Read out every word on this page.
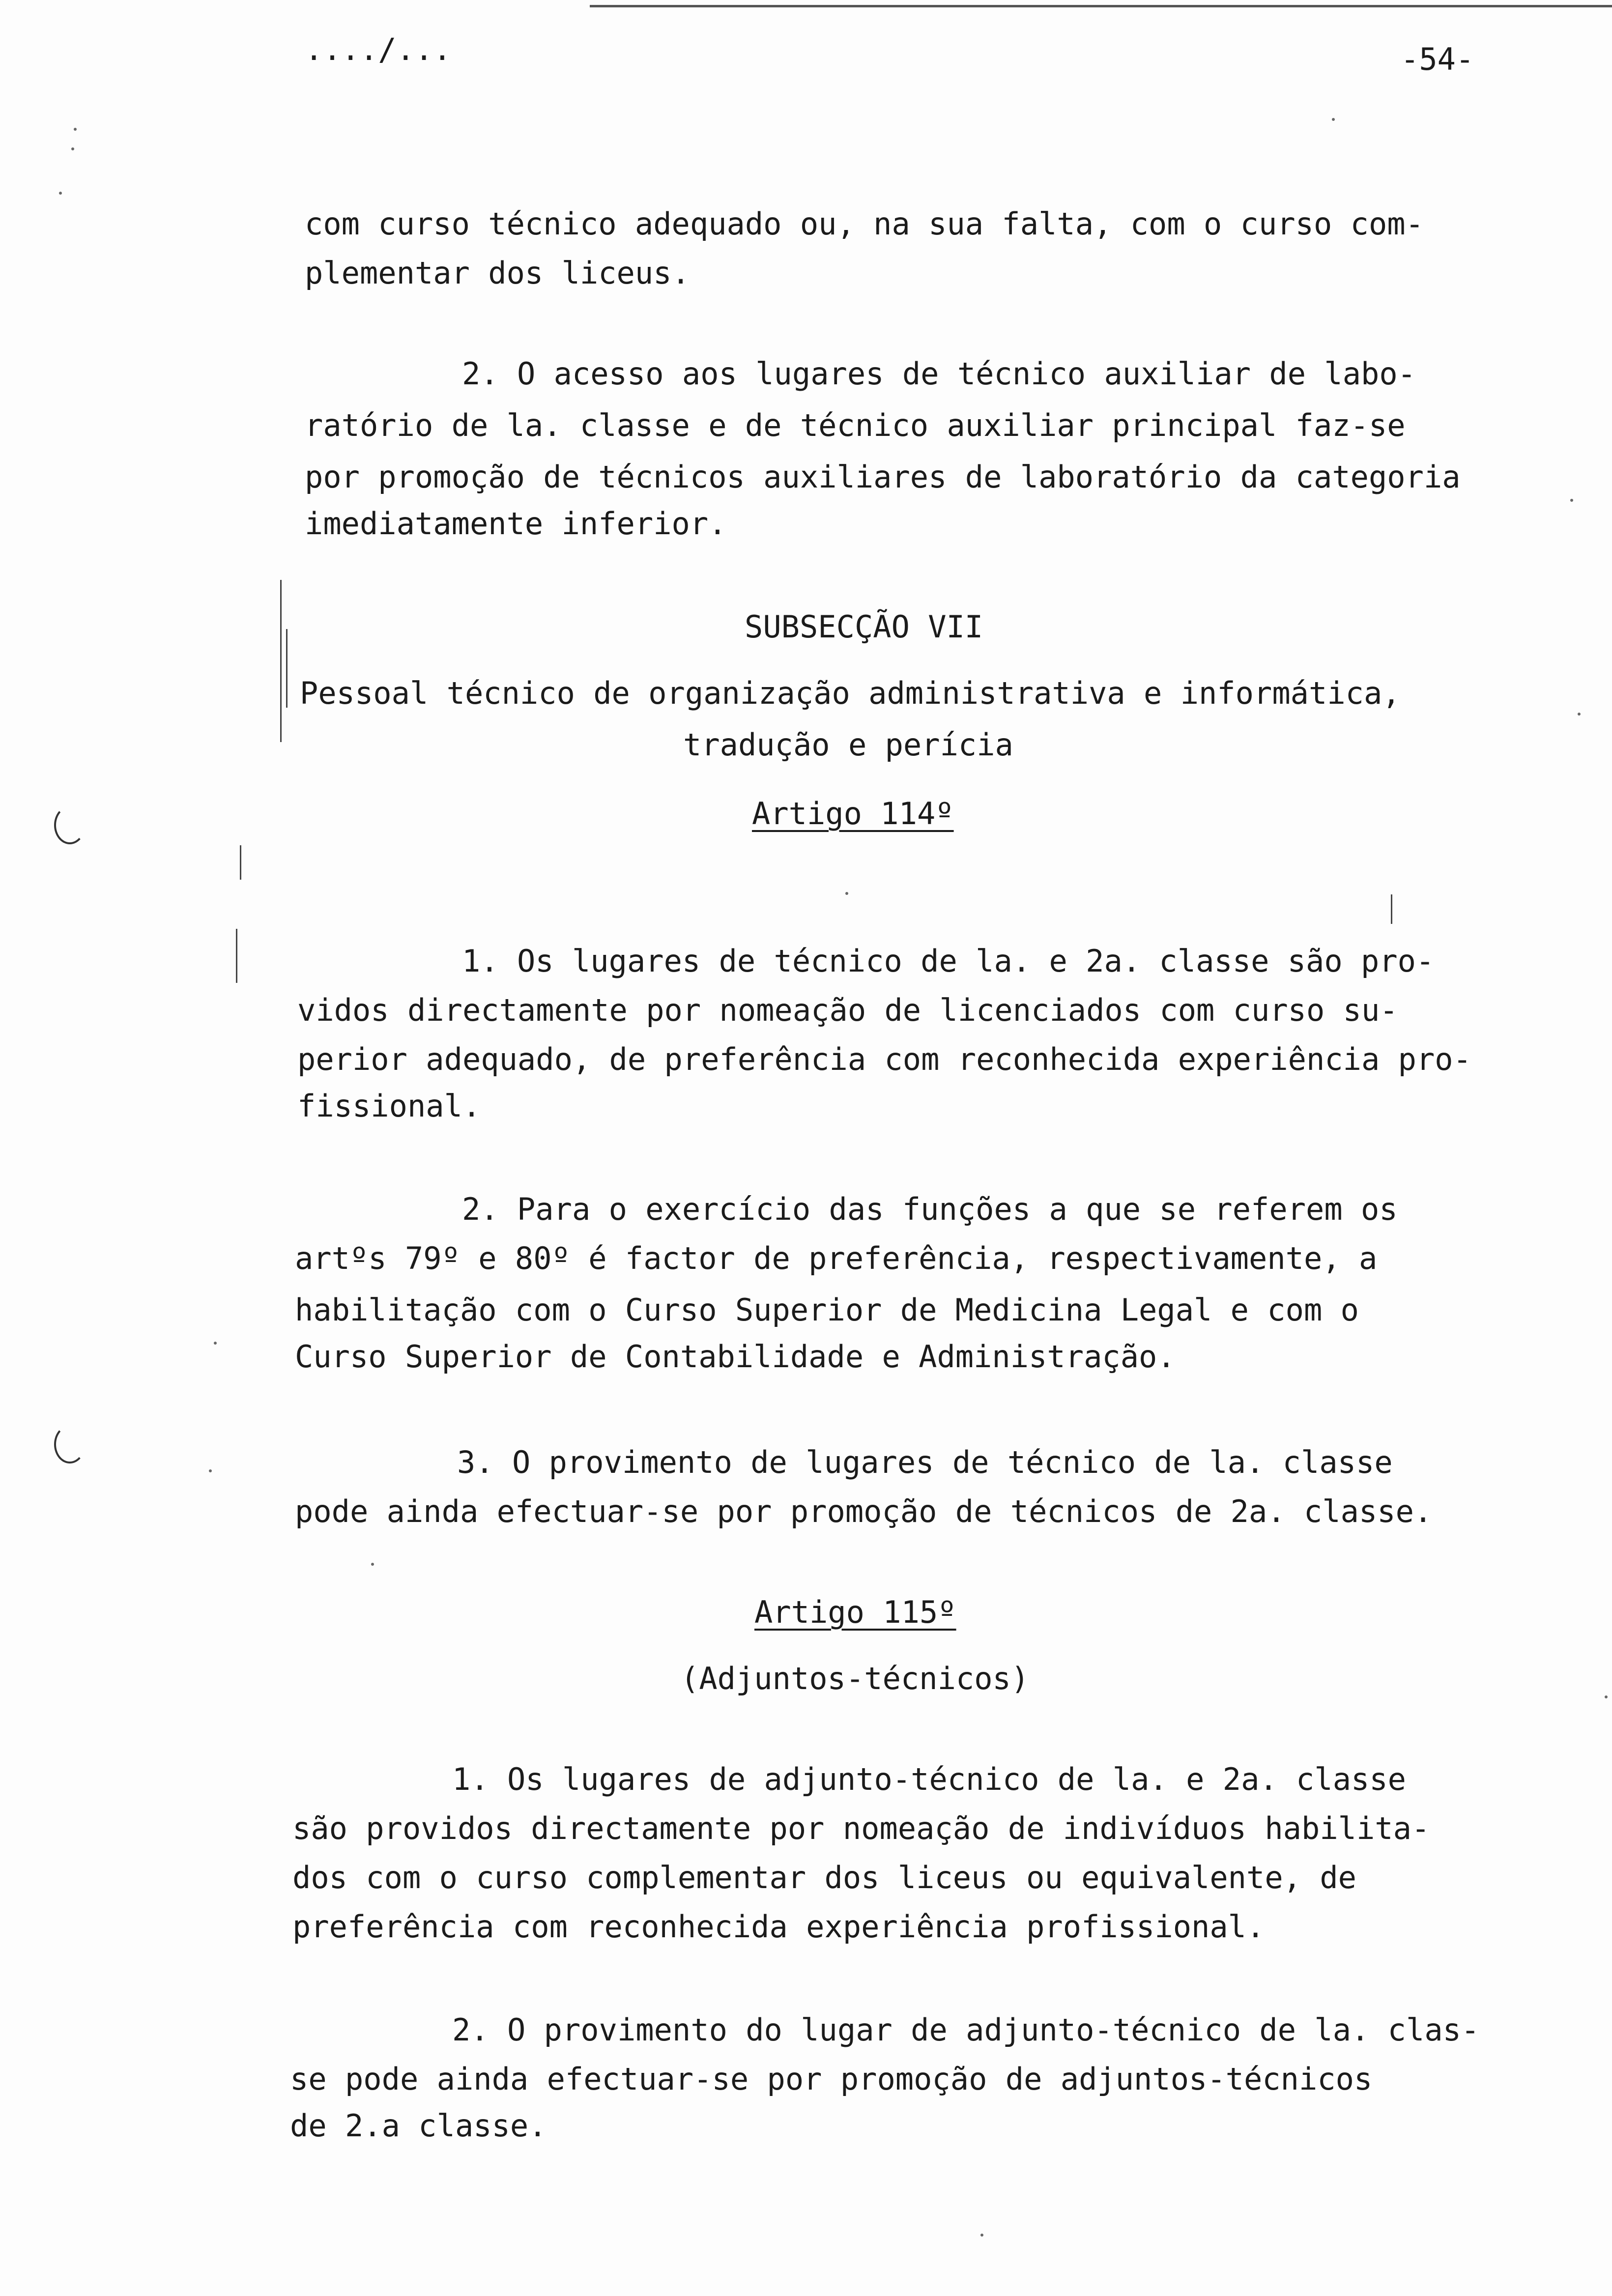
..../...	-54-
com curso técnico adequado ou, na sua falta, com o curso com-
plementar dos liceus.
2. O acesso aos lugares de técnico auxiliar de labo-
ratório de la. classe e de técnico auxiliar principal faz-se
por promoção de técnicos auxiliares de laboratório da categoria
imediatamente inferior.
SUBSECÇÃO VII
Pessoal técnico de organização administrativa e informática,
tradução e perícia
Artigo 114º
1. Os lugares de técnico de la. e 2a. classe são pro-
vidos directamente por nomeação de licenciados com curso su-
perior adequado, de preferência com reconhecida experiência pro-
fissional.
2. Para o exercício das funções a que se referem os
artºs 79º e 80º é factor de preferência, respectivamente, a
habilitação com o Curso Superior de Medicina Legal e com o
Curso Superior de Contabilidade e Administração.
3. O provimento de lugares de técnico de la. classe
pode ainda efectuar-se por promoção de técnicos de 2a. classe.
Artigo 115º
(Adjuntos-técnicos)
1. Os lugares de adjunto-técnico de la. e 2a. classe
são providos directamente por nomeação de indivíduos habilita-
dos com o curso complementar dos liceus ou equivalente, de
preferência com reconhecida experiência profissional.
2. O provimento do lugar de adjunto-técnico de la. clas-
se pode ainda efectuar-se por promoção de adjuntos-técnicos
de 2.a classe.
